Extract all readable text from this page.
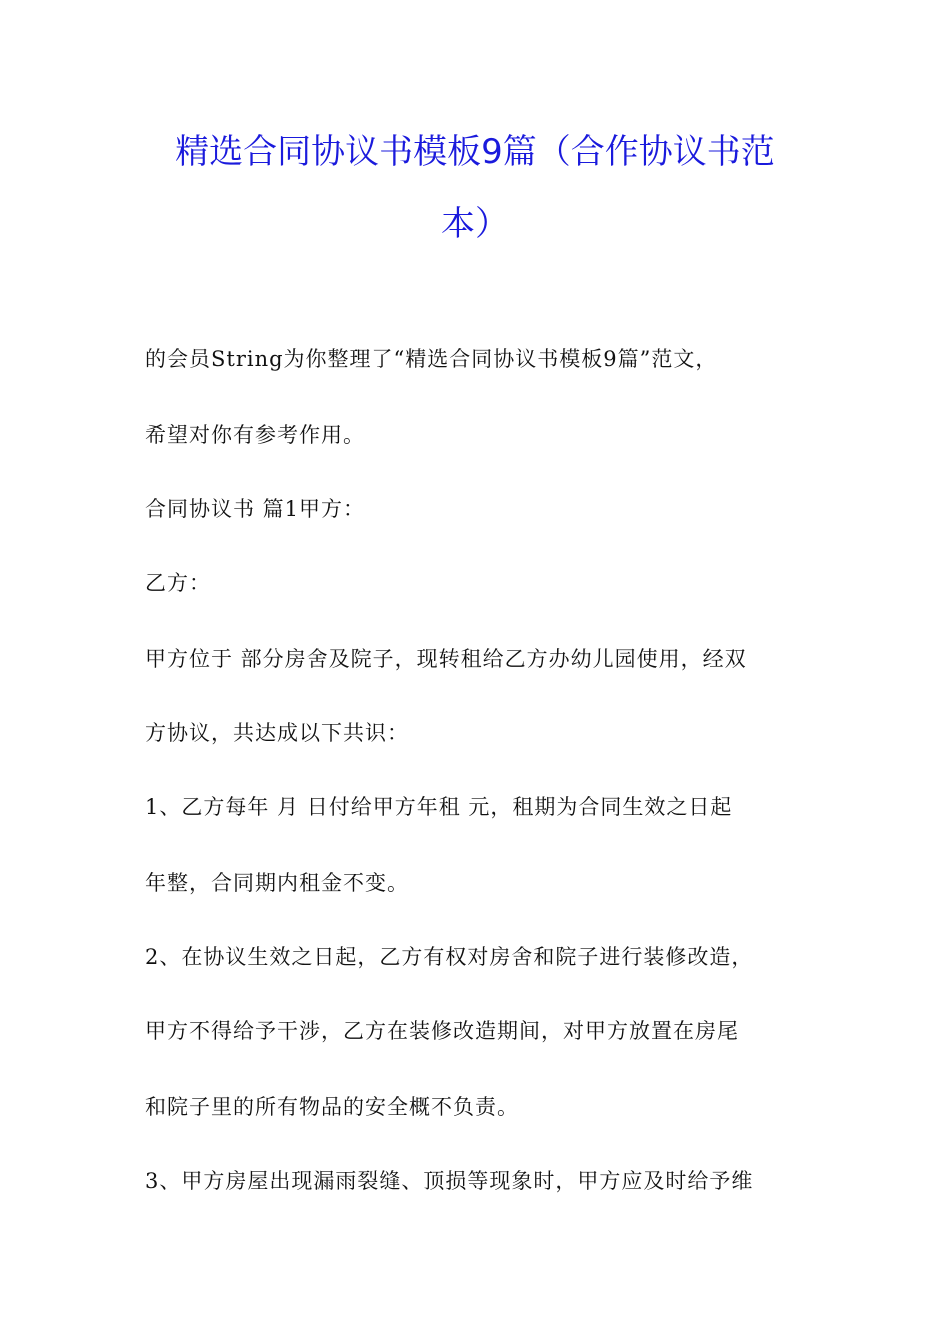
精选合同协议书模板9篇（合作协议书范
本）
的会员String为你整理了“精选合同协议书模板9篇”范文，
希望对你有参考作用。
合同协议书 篇1甲方：
乙方：
甲方位于 部分房舍及院子，现转租给乙方办幼儿园使用，经双
方协议，共达成以下共识：
1、乙方每年 月 日付给甲方年租 元，租期为合同生效之日起
年整，合同期内租金不变。
2、在协议生效之日起，乙方有权对房舍和院子进行装修改造，
甲方不得给予干涉，乙方在装修改造期间，对甲方放置在房尾
和院子里的所有物品的安全概不负责。
3、甲方房屋出现漏雨裂缝、顶损等现象时，甲方应及时给予维
